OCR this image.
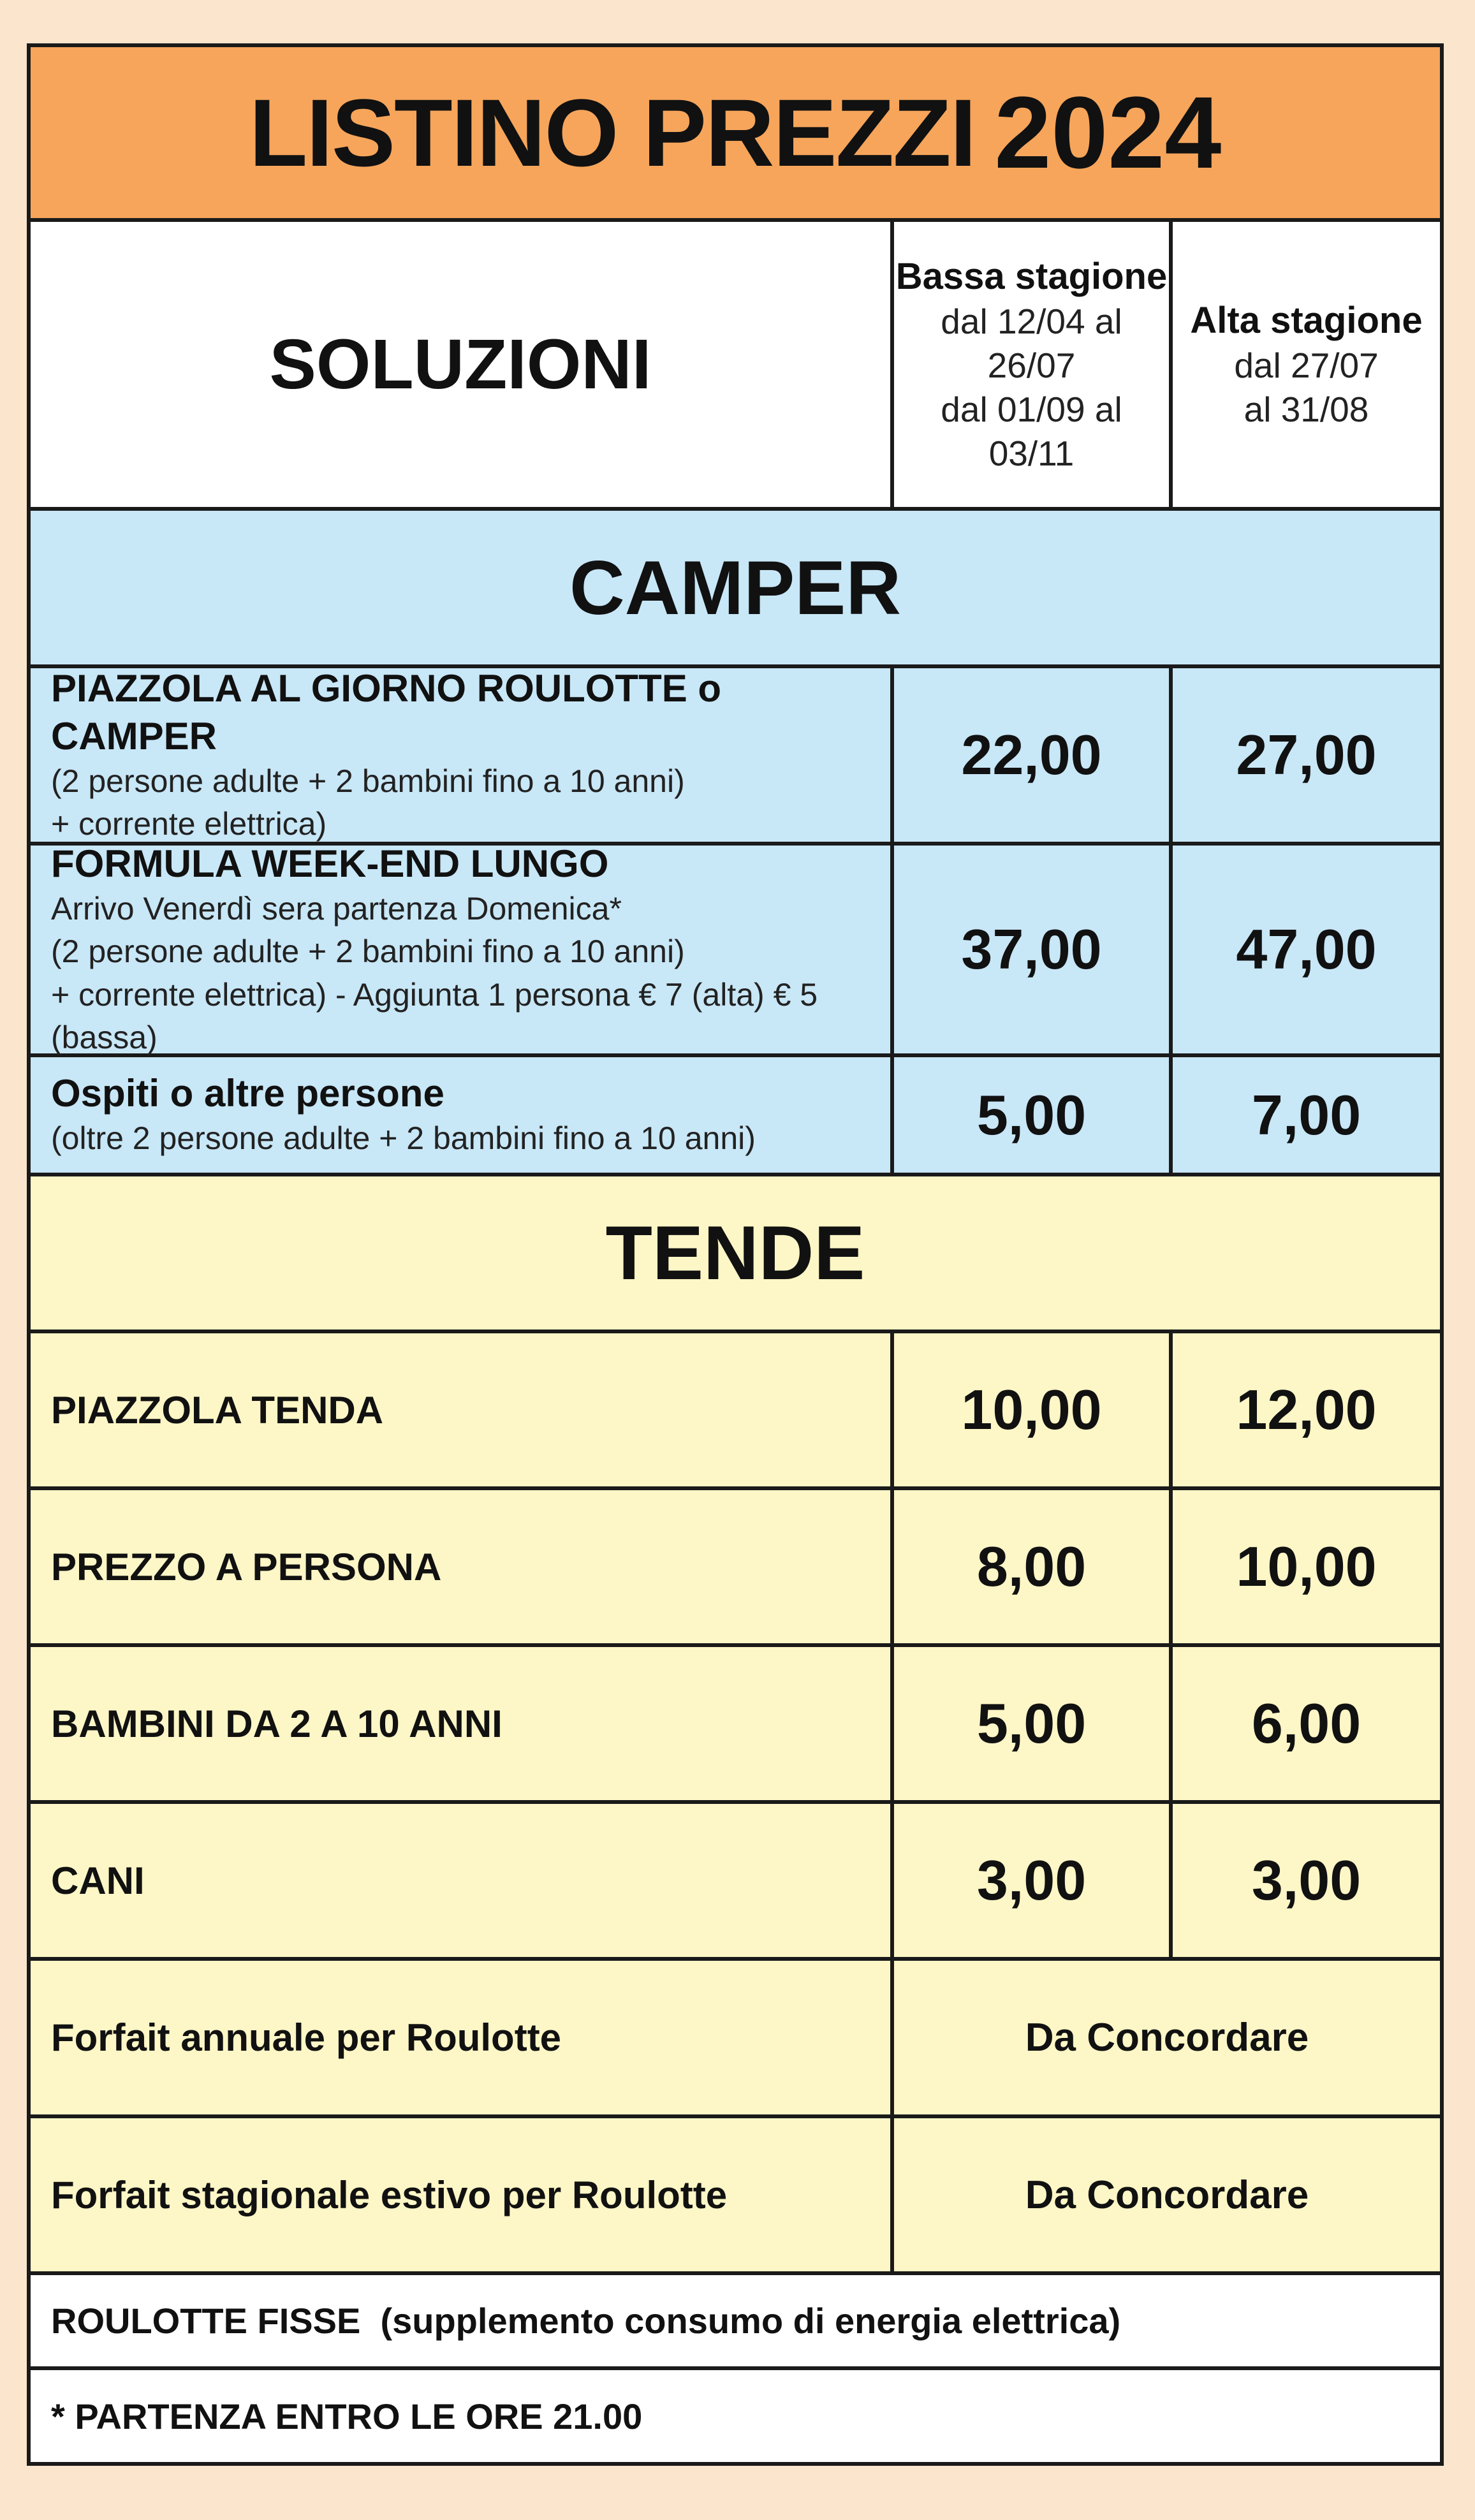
LISTINO PREZZI 2024
SOLUZIONI
Bassa stagione
dal 12/04 al 26/07
dal 01/09 al 03/11
Alta stagione
dal 27/07
al 31/08
CAMPER
PIAZZOLA AL GIORNO ROULOTTE o CAMPER
(2 persone adulte + 2 bambini fino a 10 anni)
+ corrente elettrica)
22,00	27,00
FORMULA WEEK-END LUNGO
Arrivo Venerdì sera partenza Domenica*
(2 persone adulte + 2 bambini fino a 10 anni)
+ corrente elettrica) - Aggiunta 1 persona € 7 (alta) € 5 (bassa)
37,00	47,00
Ospiti o altre persone
(oltre 2 persone adulte + 2 bambini fino a 10 anni)	5,00	7,00
TENDE
PIAZZOLA TENDA	10,00	12,00
PREZZO A PERSONA	8,00	10,00
BAMBINI DA 2 A 10 ANNI	5,00	6,00
CANI	3,00	3,00
Forfait annuale per Roulotte	Da Concordare
Forfait stagionale estivo per Roulotte	Da Concordare
ROULOTTE FISSE  (supplemento consumo di energia elettrica)
* PARTENZA ENTRO LE ORE 21.00
